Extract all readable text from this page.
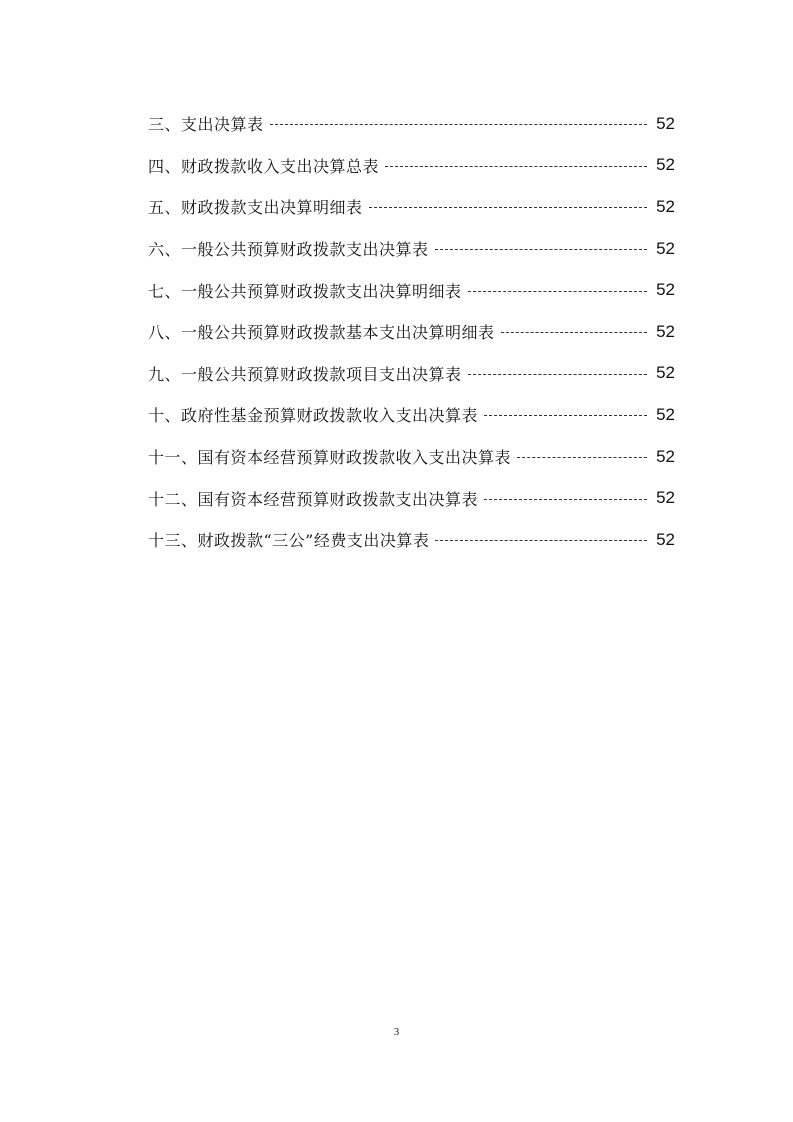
三、支出决算表	52
四、财政拨款收入支出决算总表	52
五、财政拨款支出决算明细表	52
六、一般公共预算财政拨款支出决算表	52
七、一般公共预算财政拨款支出决算明细表	52
八、一般公共预算财政拨款基本支出决算明细表	52
九、一般公共预算财政拨款项目支出决算表	52
十、政府性基金预算财政拨款收入支出决算表	52
十一、国有资本经营预算财政拨款收入支出决算表	52
十二、国有资本经营预算财政拨款支出决算表	52
十三、财政拨款“三公”经费支出决算表	52
3
